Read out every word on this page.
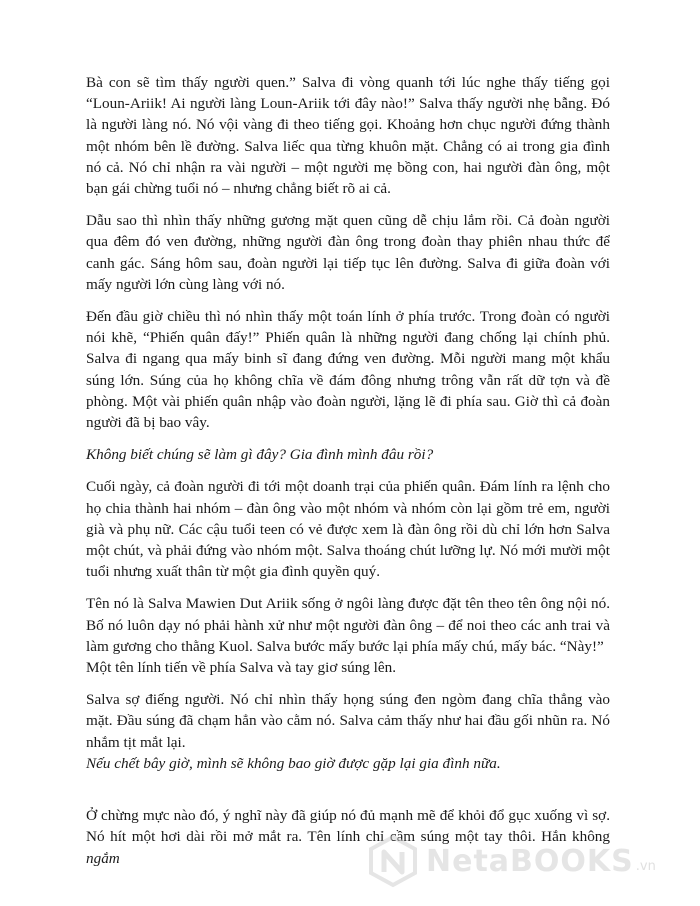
Bà con sẽ tìm thấy người quen.” Salva đi vòng quanh tới lúc nghe thấy tiếng gọi “Loun-Ariik! Ai người làng Loun-Ariik tới đây nào!” Salva thấy người nhẹ bẫng. Đó là người làng nó. Nó vội vàng đi theo tiếng gọi. Khoảng hơn chục người đứng thành một nhóm bên lề đường. Salva liếc qua từng khuôn mặt. Chẳng có ai trong gia đình nó cả. Nó chỉ nhận ra vài người – một người mẹ bồng con, hai người đàn ông, một bạn gái chừng tuổi nó – nhưng chẳng biết rõ ai cả.

Dẫu sao thì nhìn thấy những gương mặt quen cũng dễ chịu lắm rồi. Cả đoàn người qua đêm đó ven đường, những người đàn ông trong đoàn thay phiên nhau thức để canh gác. Sáng hôm sau, đoàn người lại tiếp tục lên đường. Salva đi giữa đoàn với mấy người lớn cùng làng với nó.

Đến đầu giờ chiều thì nó nhìn thấy một toán lính ở phía trước. Trong đoàn có người nói khẽ, “Phiến quân đấy!” Phiến quân là những người đang chống lại chính phủ. Salva đi ngang qua mấy binh sĩ đang đứng ven đường. Mỗi người mang một khẩu súng lớn. Súng của họ không chĩa về đám đông nhưng trông vẫn rất dữ tợn và đề phòng. Một vài phiến quân nhập vào đoàn người, lặng lẽ đi phía sau. Giờ thì cả đoàn người đã bị bao vây.

Không biết chúng sẽ làm gì đây? Gia đình mình đâu rồi?

Cuối ngày, cả đoàn người đi tới một doanh trại của phiến quân. Đám lính ra lệnh cho họ chia thành hai nhóm – đàn ông vào một nhóm và nhóm còn lại gồm trẻ em, người già và phụ nữ. Các cậu tuổi teen có vẻ được xem là đàn ông rồi dù chỉ lớn hơn Salva một chút, và phải đứng vào nhóm một. Salva thoáng chút lưỡng lự. Nó mới mười một tuổi nhưng xuất thân từ một gia đình quyền quý.

Tên nó là Salva Mawien Dut Ariik sống ở ngôi làng được đặt tên theo tên ông nội nó. Bố nó luôn dạy nó phải hành xử như một người đàn ông – để noi theo các anh trai và làm gương cho thằng Kuol. Salva bước mấy bước lại phía mấy chú, mấy bác. “Này!”

Một tên lính tiến về phía Salva và tay giơ súng lên.

Salva sợ điếng người. Nó chỉ nhìn thấy họng súng đen ngòm đang chĩa thẳng vào mặt. Đầu súng đã chạm hẳn vào cằm nó. Salva cảm thấy như hai đầu gối nhũn ra. Nó nhắm tịt mắt lại.

Nếu chết bây giờ, mình sẽ không bao giờ được gặp lại gia đình nữa.

Ở chừng mực nào đó, ý nghĩ này đã giúp nó đủ mạnh mẽ để khỏi đổ gục xuống vì sợ. Nó hít một hơi dài rồi mở mắt ra. Tên lính chỉ cầm súng một tay thôi. Hắn không ngắm	NetaBOOKS .vn
